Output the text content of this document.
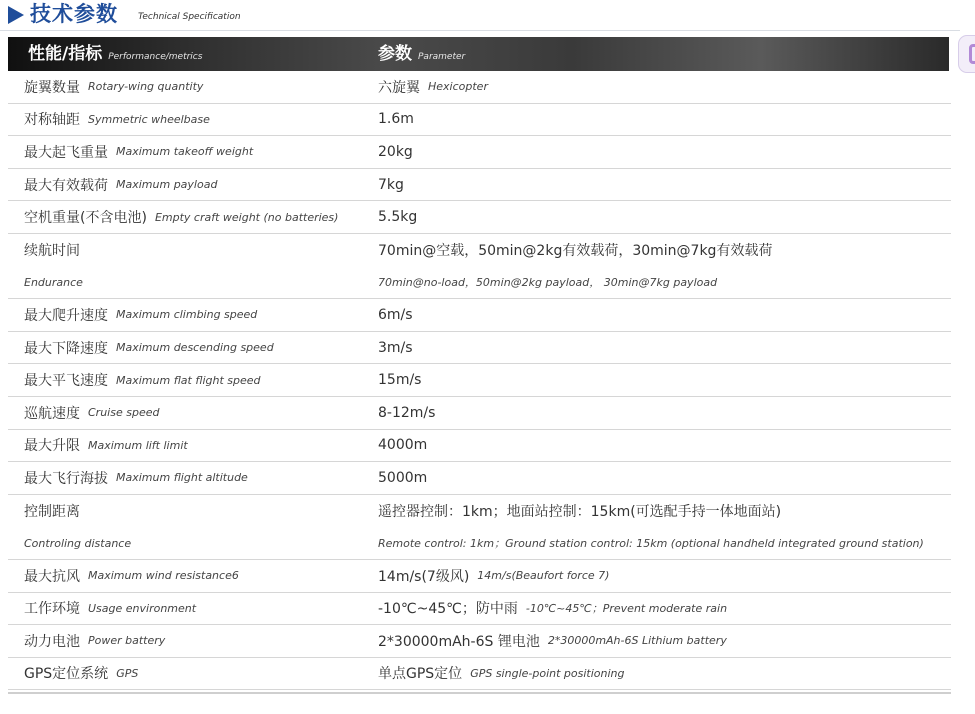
技术参数 Technical Specification
性能/指标 Performance/metrics	参数 Parameter
旋翼数量 Rotary-wing quantity	六旋翼 Hexicopter
对称轴距 Symmetric wheelbase	1.6m
最大起飞重量 Maximum takeoff weight	20kg
最大有效载荷 Maximum payload	7kg
空机重量(不含电池) Empty craft weight (no batteries)	5.5kg
续航时间	70min@空载，50min@2kg有效载荷，30min@7kg有效载荷
Endurance	70min@no-load，50min@2kg payload， 30min@7kg payload
最大爬升速度 Maximum climbing speed	6m/s
最大下降速度 Maximum descending speed	3m/s
最大平飞速度 Maximum flat flight speed	15m/s
巡航速度 Cruise speed	8-12m/s
最大升限 Maximum lift limit	4000m
最大飞行海拔 Maximum flight altitude	5000m
控制距离	遥控器控制：1km；地面站控制：15km(可选配手持一体地面站)
Controling distance	Remote control: 1km；Ground station control: 15km (optional handheld integrated ground station)
最大抗风 Maximum wind resistance6	14m/s(7级风) 14m/s(Beaufort force 7)
工作环境 Usage environment	-10℃~45℃；防中雨 -10℃~45℃；Prevent moderate rain
动力电池 Power battery	2*30000mAh-6S 锂电池 2*30000mAh-6S Lithium battery
GPS定位系统 GPS	单点GPS定位 GPS single-point positioning
